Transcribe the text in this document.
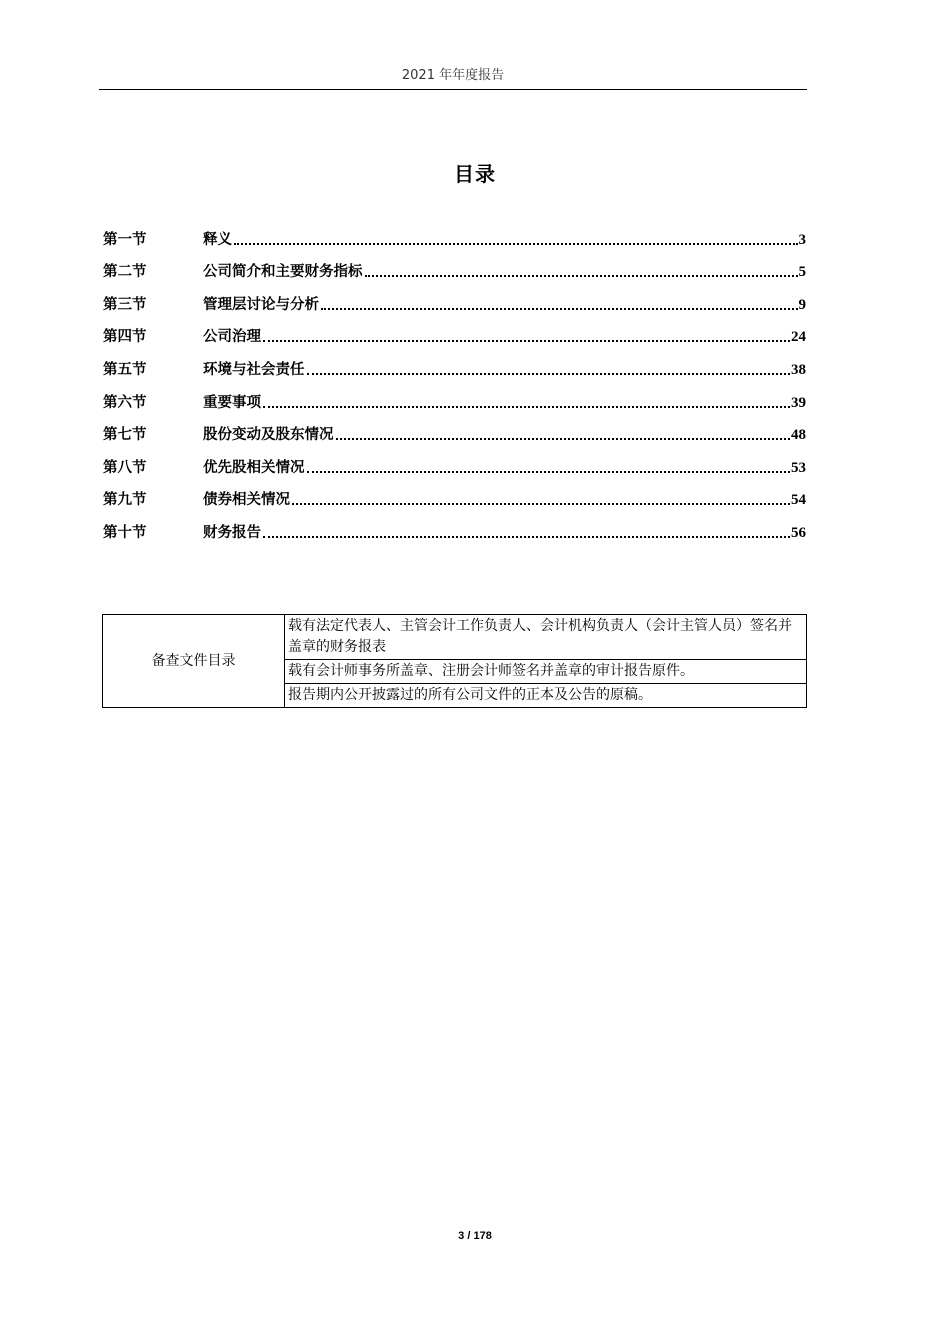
2021 年年度报告
目录
第一节	释义	3
第二节	公司简介和主要财务指标	5
第三节	管理层讨论与分析	9
第四节	公司治理	24
第五节	环境与社会责任	38
第六节	重要事项	39
第七节	股份变动及股东情况	48
第八节	优先股相关情况	53
第九节	债券相关情况	54
第十节	财务报告	56
备查文件目录	载有法定代表人、主管会计工作负责人、会计机构负责人（会计主管人员）签名并盖章的财务报表
载有会计师事务所盖章、注册会计师签名并盖章的审计报告原件。
报告期内公开披露过的所有公司文件的正本及公告的原稿。
3 / 178
